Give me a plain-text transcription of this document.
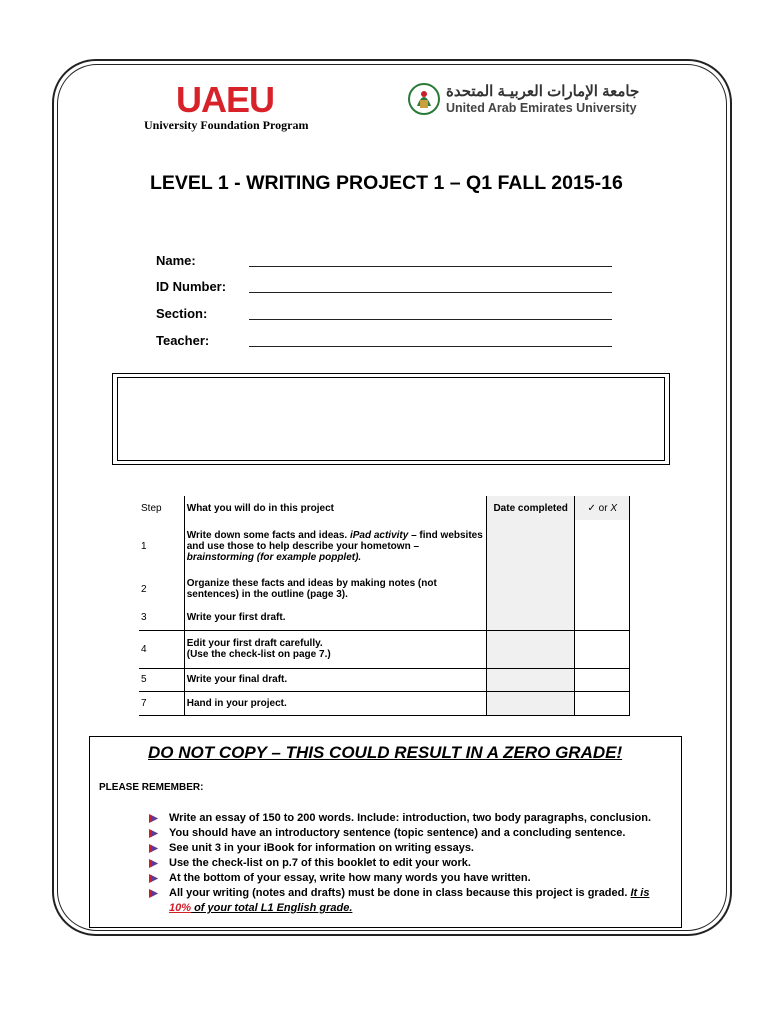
UAEU
University Foundation Program
جامعة الإمارات العربيـة المتحدة
United Arab Emirates University
LEVEL 1 - WRITING PROJECT 1 – Q1 FALL 2015-16
Name:
ID Number:
Section:
Teacher:
Step	What you will do in this project	Date completed	✓ or X
1	Write down some facts and ideas. iPad activity – find websites and use those to help describe your hometown – brainstorming (for example popplet).		
2	Organize these facts and ideas by making notes (not sentences) in the outline (page 3).		
3	Write your first draft.		
4	Edit your first draft carefully.
(Use the check-list on page 7.)		

5	Write your final draft.		
7	Hand in your project.		
DO NOT COPY – THIS COULD RESULT IN A ZERO GRADE!
PLEASE REMEMBER:
Write an essay of 150 to 200 words. Include: introduction, two body paragraphs, conclusion.
You should have an introductory sentence (topic sentence) and a concluding sentence.
See unit 3 in your iBook for information on writing essays.
Use the check-list on p.7 of this booklet to edit your work.
At the bottom of your essay, write how many words you have written.
All your writing (notes and drafts) must be done in class because this project is graded. It is
10% of your total L1 English grade.
